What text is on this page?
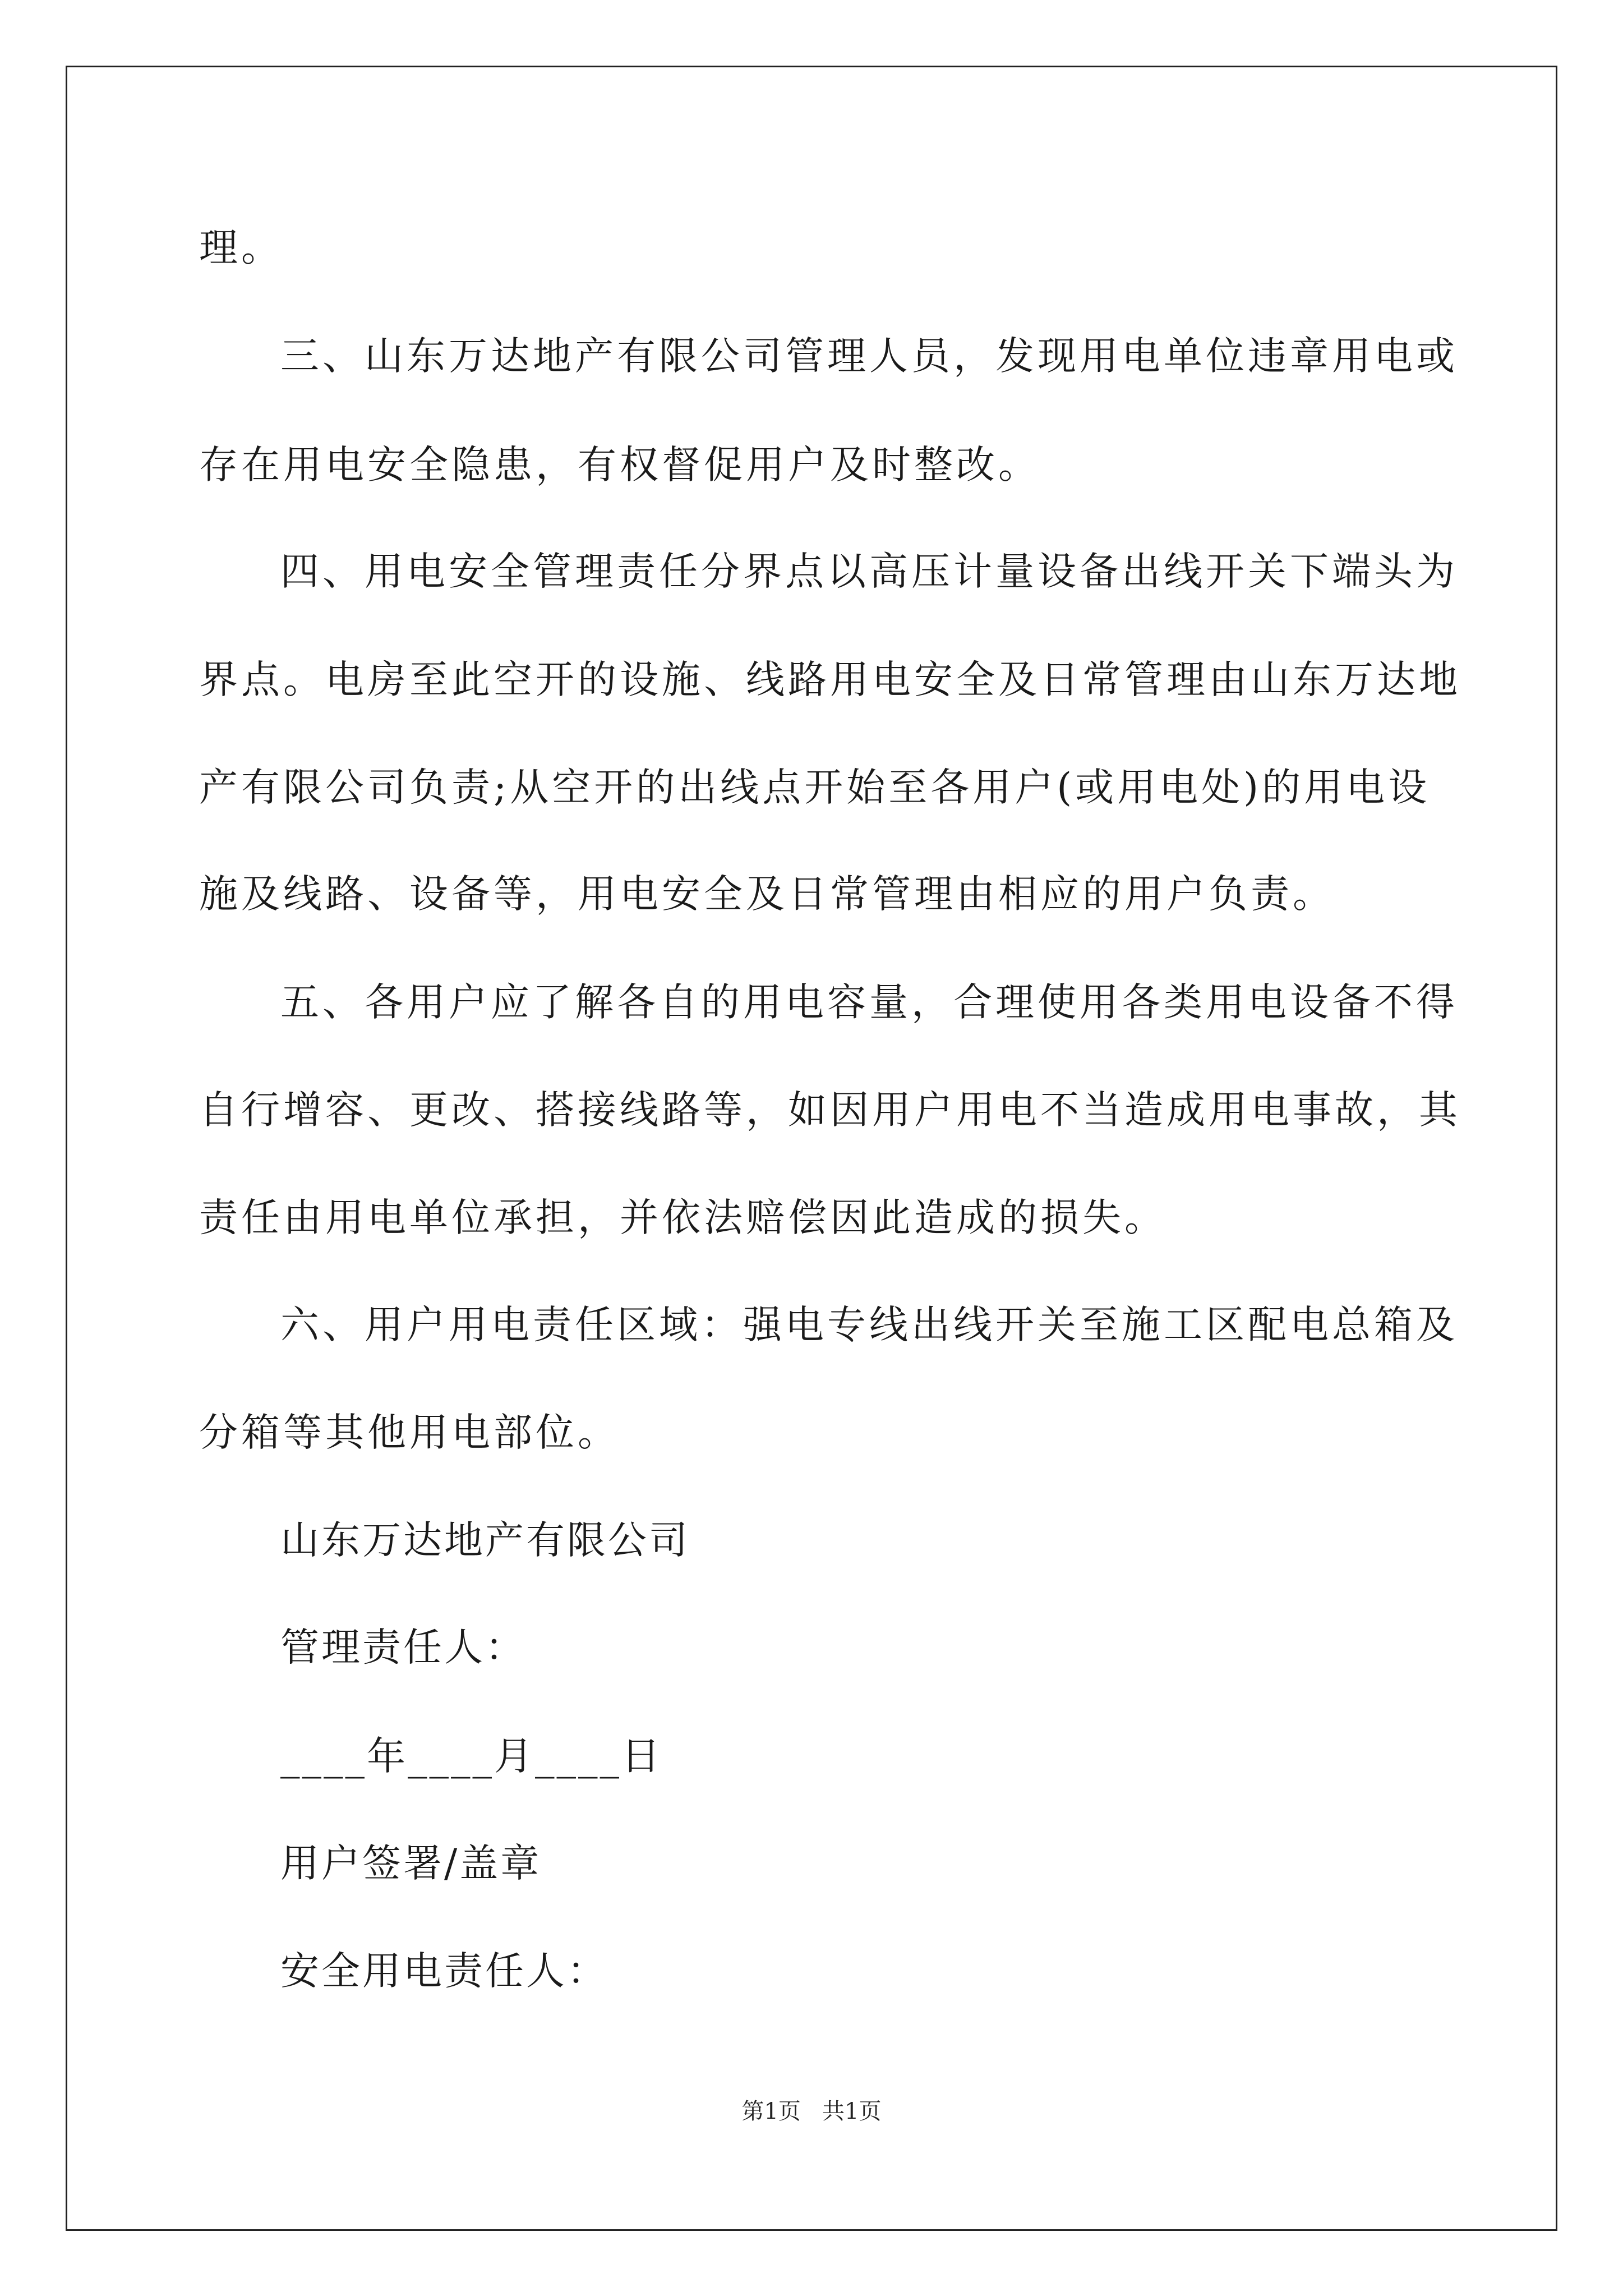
理。
三、山东万达地产有限公司管理人员，发现用电单位违章用电或
存在用电安全隐患，有权督促用户及时整改。
四、用电安全管理责任分界点以高压计量设备出线开关下端头为
界点。电房至此空开的设施、线路用电安全及日常管理由山东万达地
产有限公司负责;从空开的出线点开始至各用户(或用电处)的用电设
施及线路、设备等，用电安全及日常管理由相应的用户负责。
五、各用户应了解各自的用电容量，合理使用各类用电设备不得
自行增容、更改、搭接线路等，如因用户用电不当造成用电事故，其
责任由用电单位承担，并依法赔偿因此造成的损失。
六、用户用电责任区域：强电专线出线开关至施工区配电总箱及
分箱等其他用电部位。
山东万达地产有限公司
管理责任人：
____年____月____日
用户签署/盖章
安全用电责任人：
第1页   共1页
